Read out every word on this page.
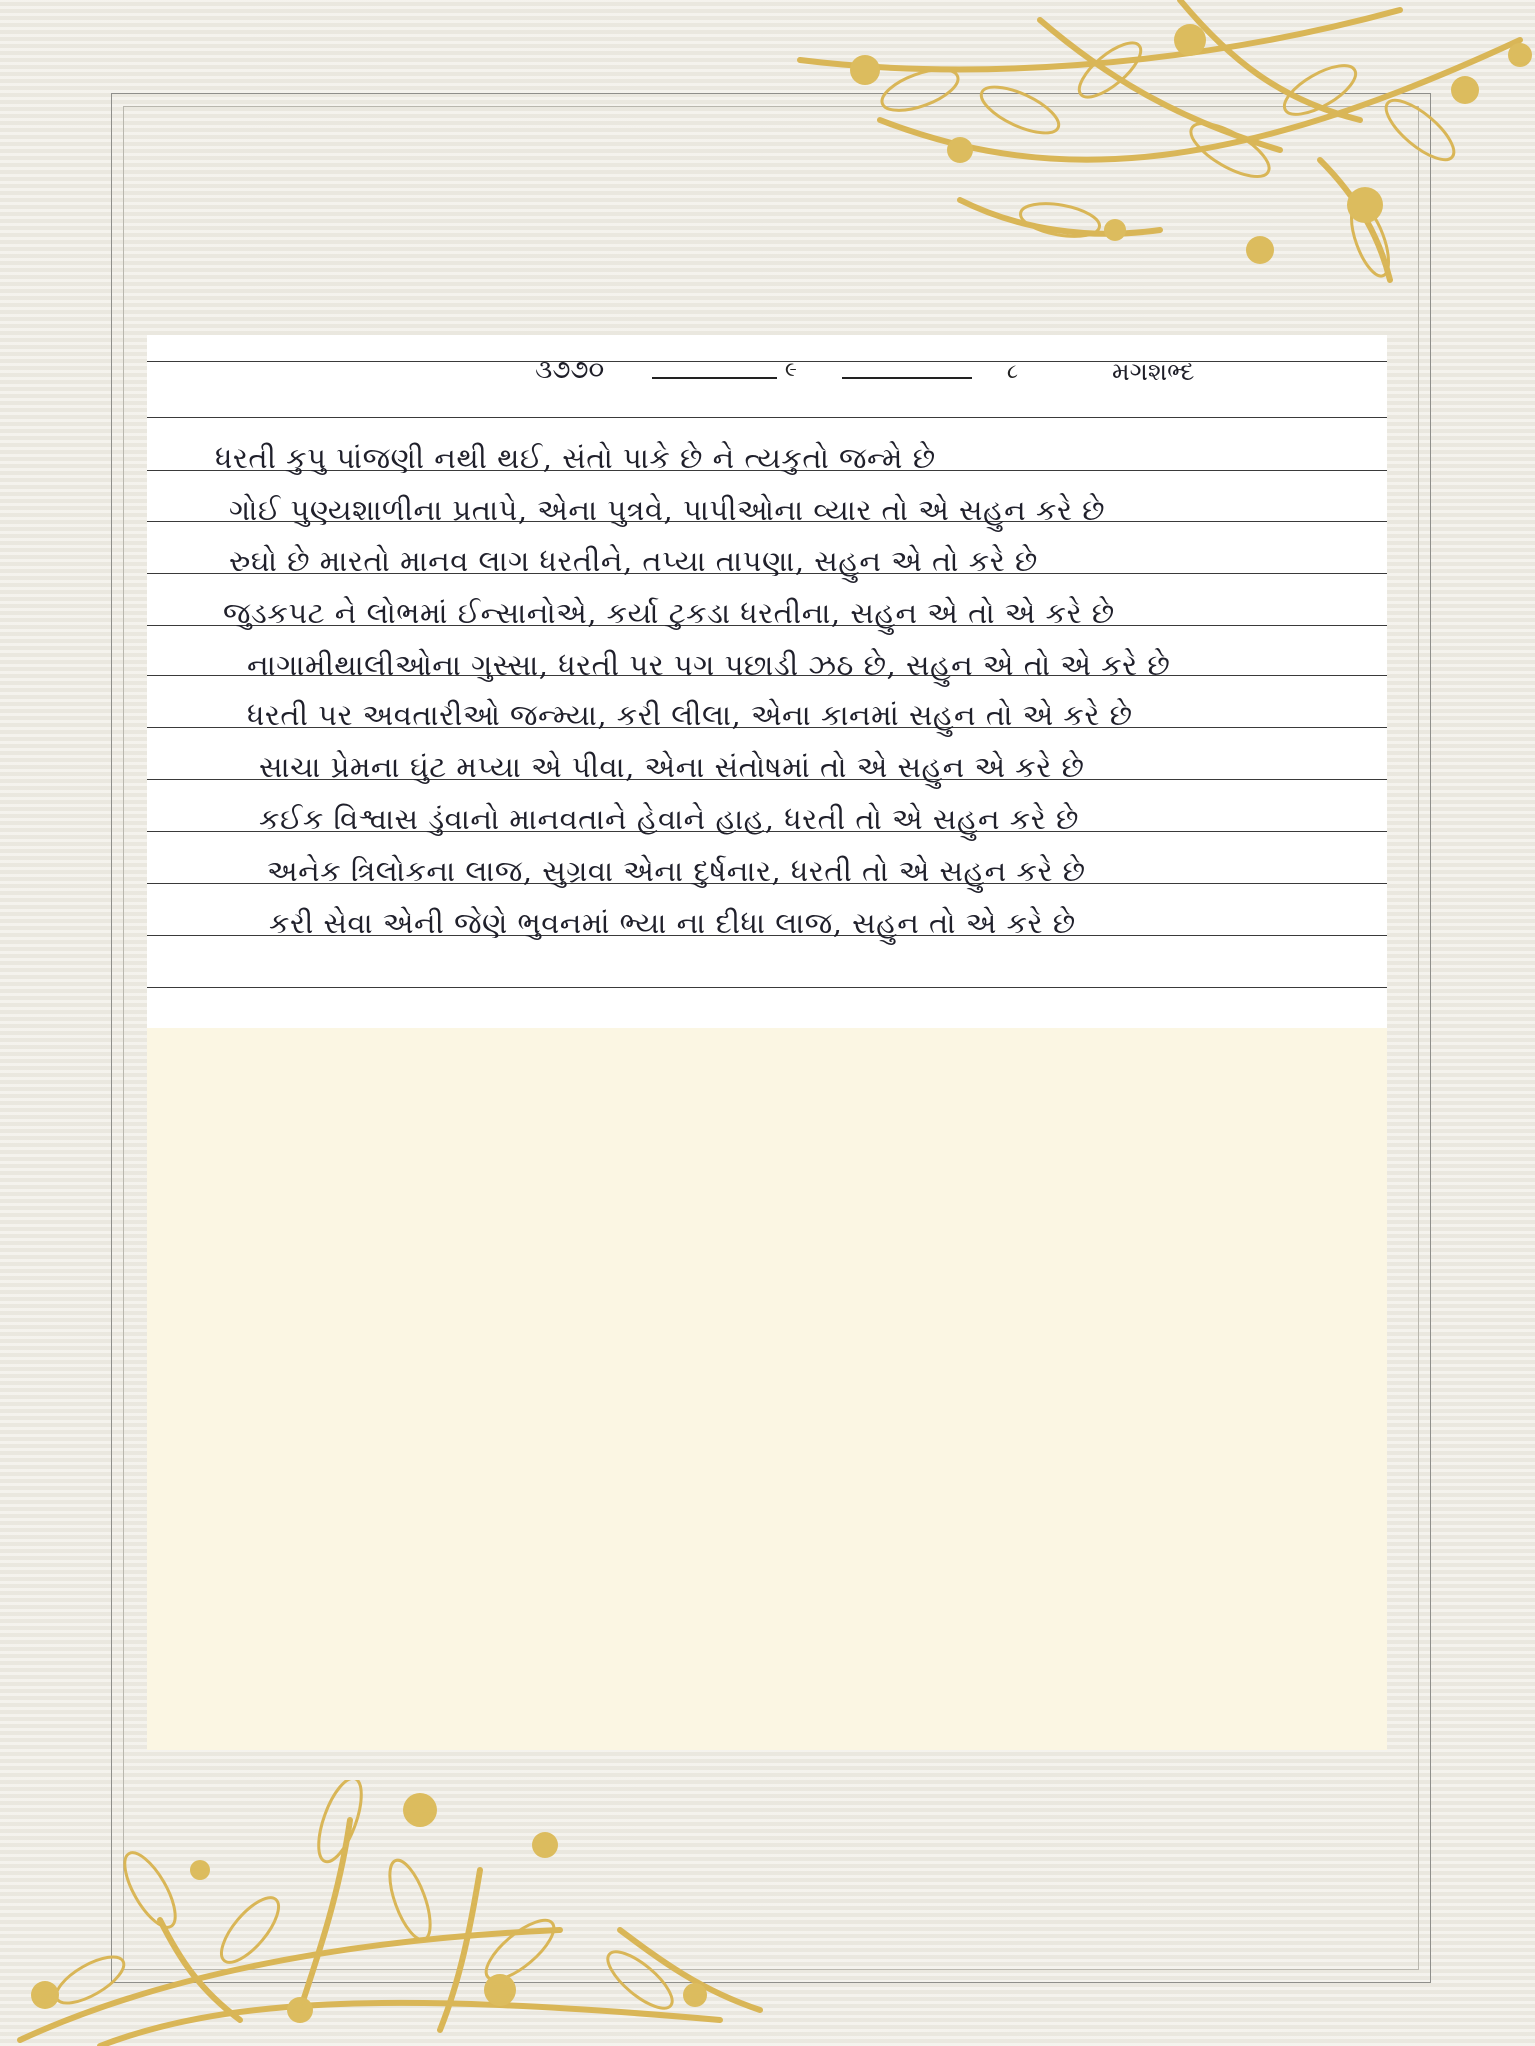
૩૭૭૦	૯	૮	મગશભ્દ
ધરતી કુપુ પાંજણી નથી થઈ, સંતો પાકે છે ને ત્યકુતો જન્મે છે
ગોઈ પુણ્યશાળીના પ્રતાપે, એના પુત્રવે, પાપીઓના વ્યાર તો એ સહુન કરે છે
રુઘો છે મારતો માનવ લાગ ધરતીને, તપ્યા તાપણા, સહુન એ તો કરે છે
જુડકપટ ને લોભમાં ઈન્સાનોએ, કર્યા ટુકડા ધરતીના, સહુન એ તો એ કરે છે
નાગામીથાલીઓના ગુસ્સા, ધરતી પર પગ પછાડી ઝઠ છે, સહુન એ તો એ કરે છે
ધરતી પર અવતારીઓ જન્મ્યા, કરી લીલા, એના કાનમાં સહુન તો એ કરે છે
સાચા પ્રેમના ઘુંટ મપ્યા એ પીવા, એના સંતોષમાં તો એ સહુન એ કરે છે
કઈક વિશ્વાસ ડુંવાનો માનવતાને હેવાને હાહ, ધરતી તો એ સહુન કરે છે
અનેક ત્રિલોકના લાજ, સુગ્રવા એના દુર્ષનાર, ધરતી તો એ સહુન કરે છે
કરી સેવા એની જેણે ભુવનમાં ભ્યા ના દીધા લાજ, સહુન તો એ કરે છે
